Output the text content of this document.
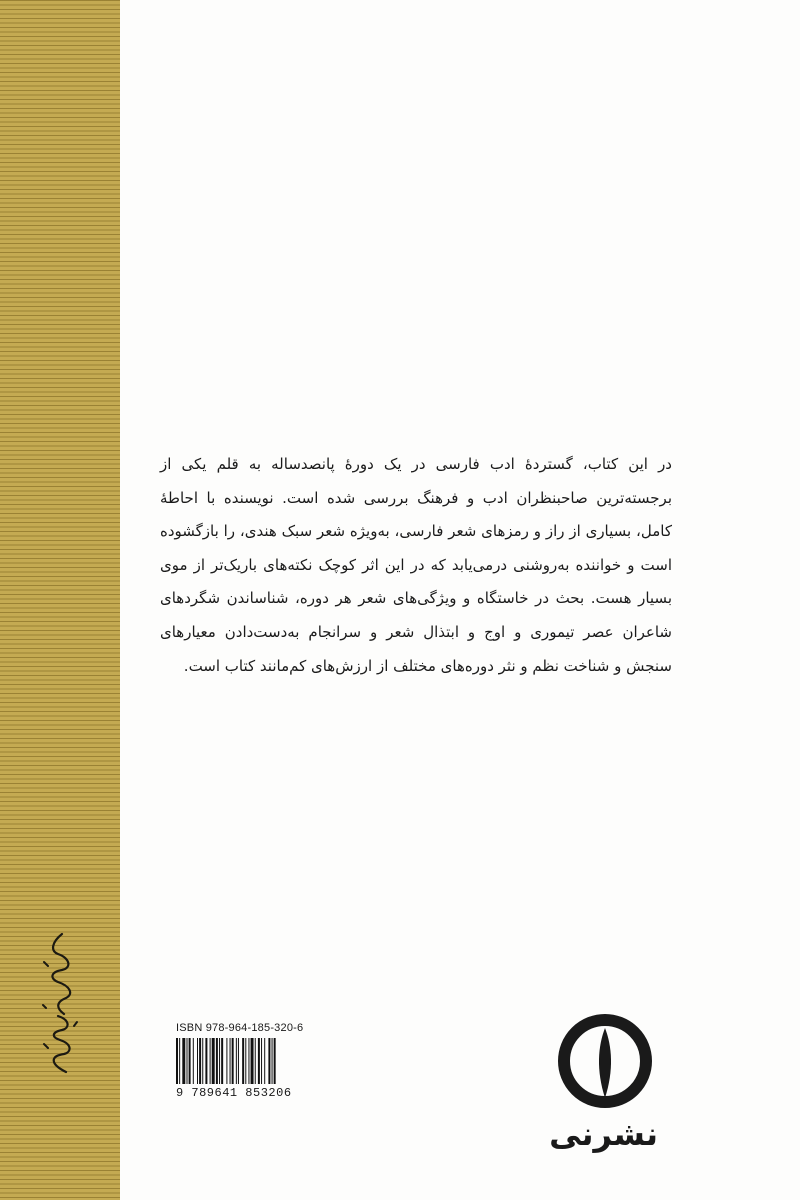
در این کتاب، گستردهٔ ادب فارسی در یک دورهٔ پانصدساله به قلم یکی از برجسته‌ترین صاحبنظران ادب و فرهنگ بررسی شده است. نویسنده با احاطهٔ کامل، بسیاری از راز و رمزهای شعر فارسی، به‌ویژه شعر سبک هندی، را بازگشوده است و خواننده به‌روشنی درمی‌یابد که در این اثر کوچک نکته‌های باریک‌تر از موی بسیار هست. بحث در خاستگاه و ویژگی‌های شعر هر دوره، شناساندن شگردهای شاعران عصر تیموری و اوج و ابتذال شعر و سرانجام به‌دست‌دادن معیارهای سنجش و شناخت نظم و نثر دوره‌های مختلف از ارزش‌های کم‌مانند کتاب است.

ISBN 978-964-185-320-6
9 789641 853206
نشرنی
